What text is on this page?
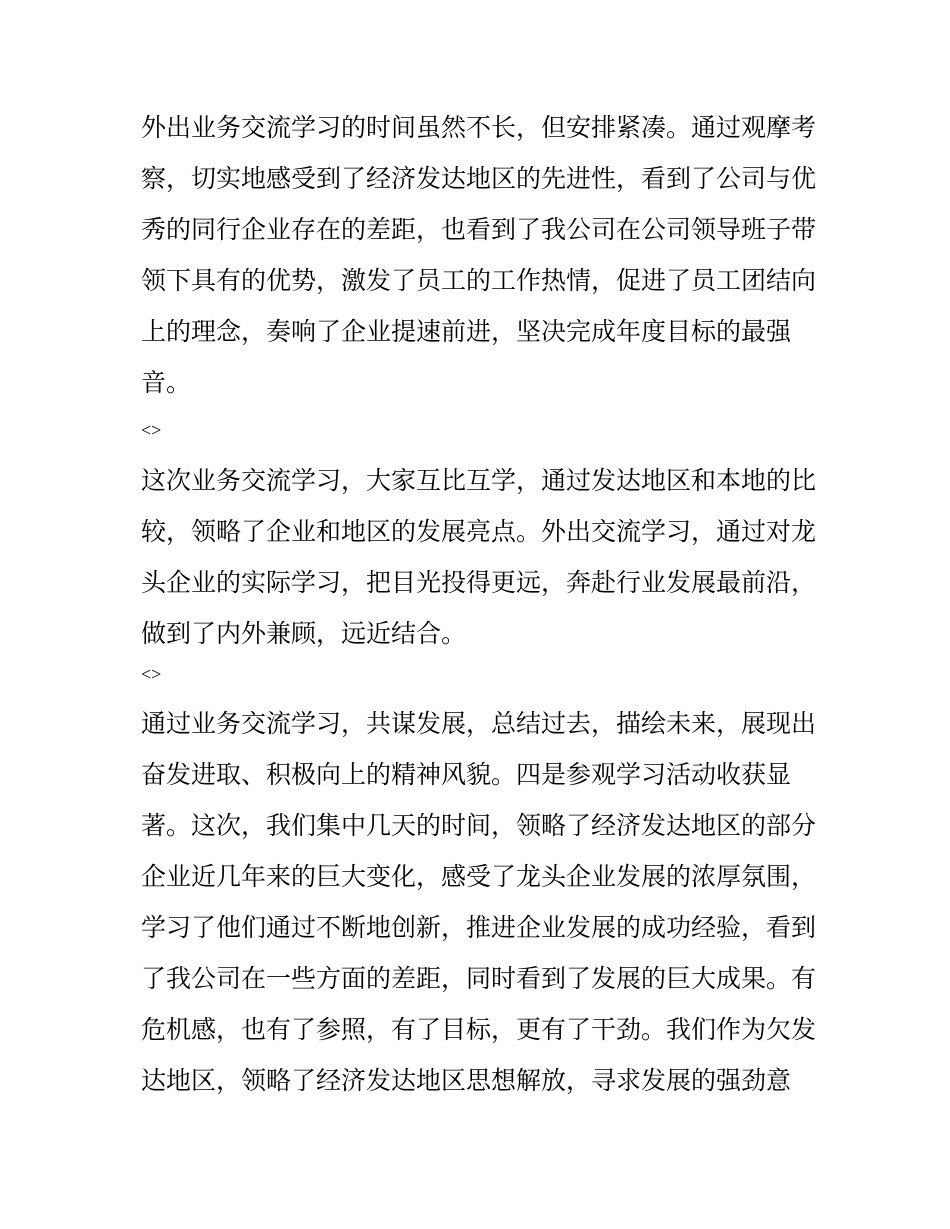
外出业务交流学习的时间虽然不长，但安排紧凑。通过观摩考
察，切实地感受到了经济发达地区的先进性，看到了公司与优
秀的同行企业存在的差距，也看到了我公司在公司领导班子带
领下具有的优势，激发了员工的工作热情，促进了员工团结向
上的理念，奏响了企业提速前进，坚决完成年度目标的最强
音。
<>
这次业务交流学习，大家互比互学，通过发达地区和本地的比
较，领略了企业和地区的发展亮点。外出交流学习，通过对龙
头企业的实际学习，把目光投得更远，奔赴行业发展最前沿，
做到了内外兼顾，远近结合。
<>
通过业务交流学习，共谋发展，总结过去，描绘未来，展现出
奋发进取、积极向上的精神风貌。四是参观学习活动收获显
著。这次，我们集中几天的时间，领略了经济发达地区的部分
企业近几年来的巨大变化，感受了龙头企业发展的浓厚氛围，
学习了他们通过不断地创新，推进企业发展的成功经验，看到
了我公司在一些方面的差距，同时看到了发展的巨大成果。有
危机感，也有了参照，有了目标，更有了干劲。我们作为欠发
达地区，领略了经济发达地区思想解放，寻求发展的强劲意
